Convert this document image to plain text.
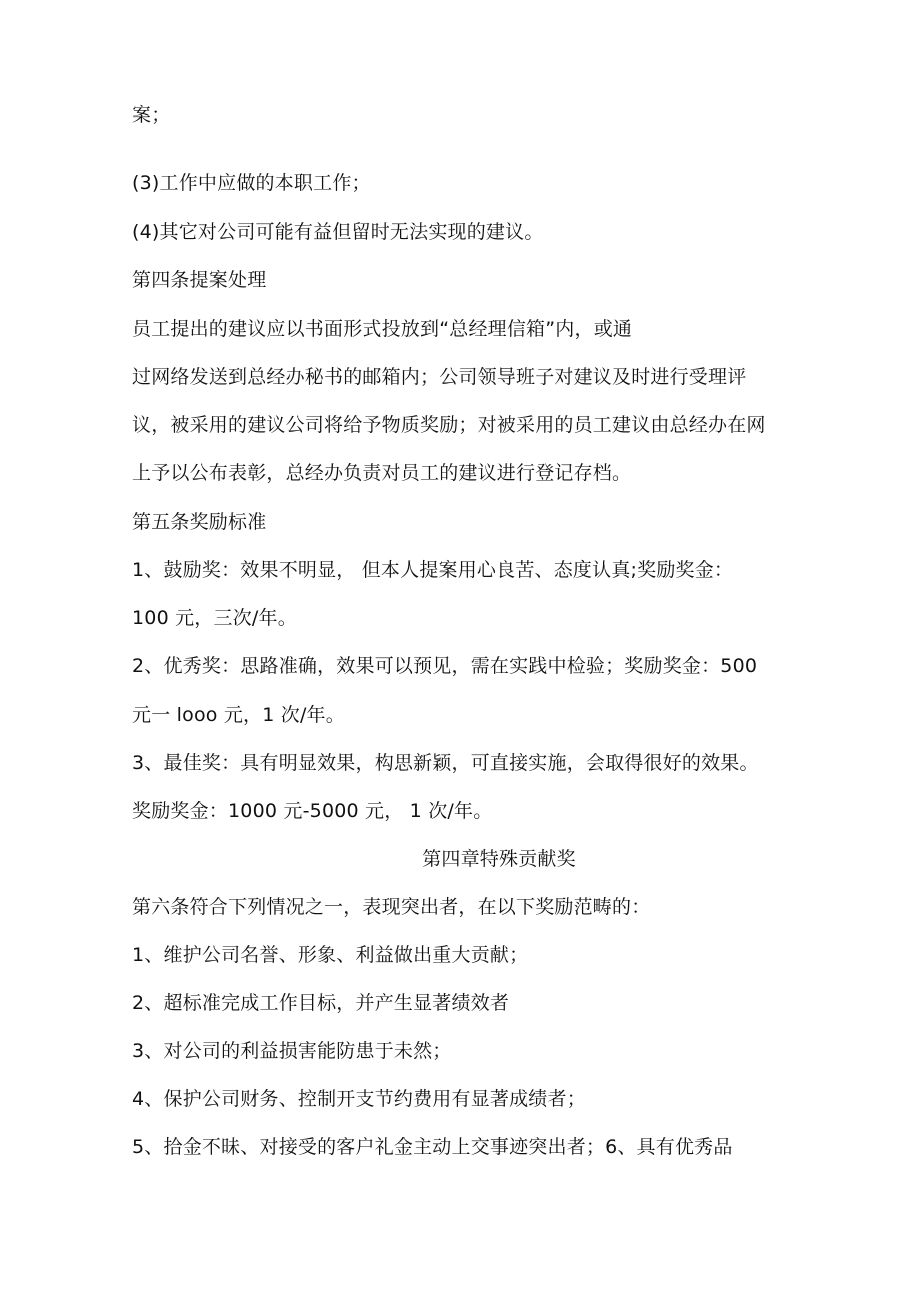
案；
(3)工作中应做的本职工作；
(4)其它对公司可能有益但留时无法实现的建议。
第四条提案处理
员工提出的建议应以书面形式投放到“总经理信箱”内，或通
过网络发送到总经办秘书的邮箱内；公司领导班子对建议及时进行受理评
议，被采用的建议公司将给予物质奖励；对被采用的员工建议由总经办在网
上予以公布表彰，总经办负责对员工的建议进行登记存档。
第五条奖励标准
1、鼓励奖：效果不明显， 但本人提案用心良苦、态度认真;奖励奖金：
100 元，三次/年。
2、优秀奖：思路准确，效果可以预见，需在实践中检验；奖励奖金：500
元一 looo 元，1 次/年。
3、最佳奖：具有明显效果，构思新颖，可直接实施，会取得很好的效果。
奖励奖金：1000 元-5000 元， 1 次/年。
第四章特殊贡献奖
第六条符合下列情况之一，表现突出者，在以下奖励范畴的：
1、维护公司名誉、形象、利益做出重大贡献；
2、超标准完成工作目标，并产生显著绩效者
3、对公司的利益损害能防患于未然；
4、保护公司财务、控制开支节约费用有显著成绩者；
5、拾金不昧、对接受的客户礼金主动上交事迹突出者；6、具有优秀品
